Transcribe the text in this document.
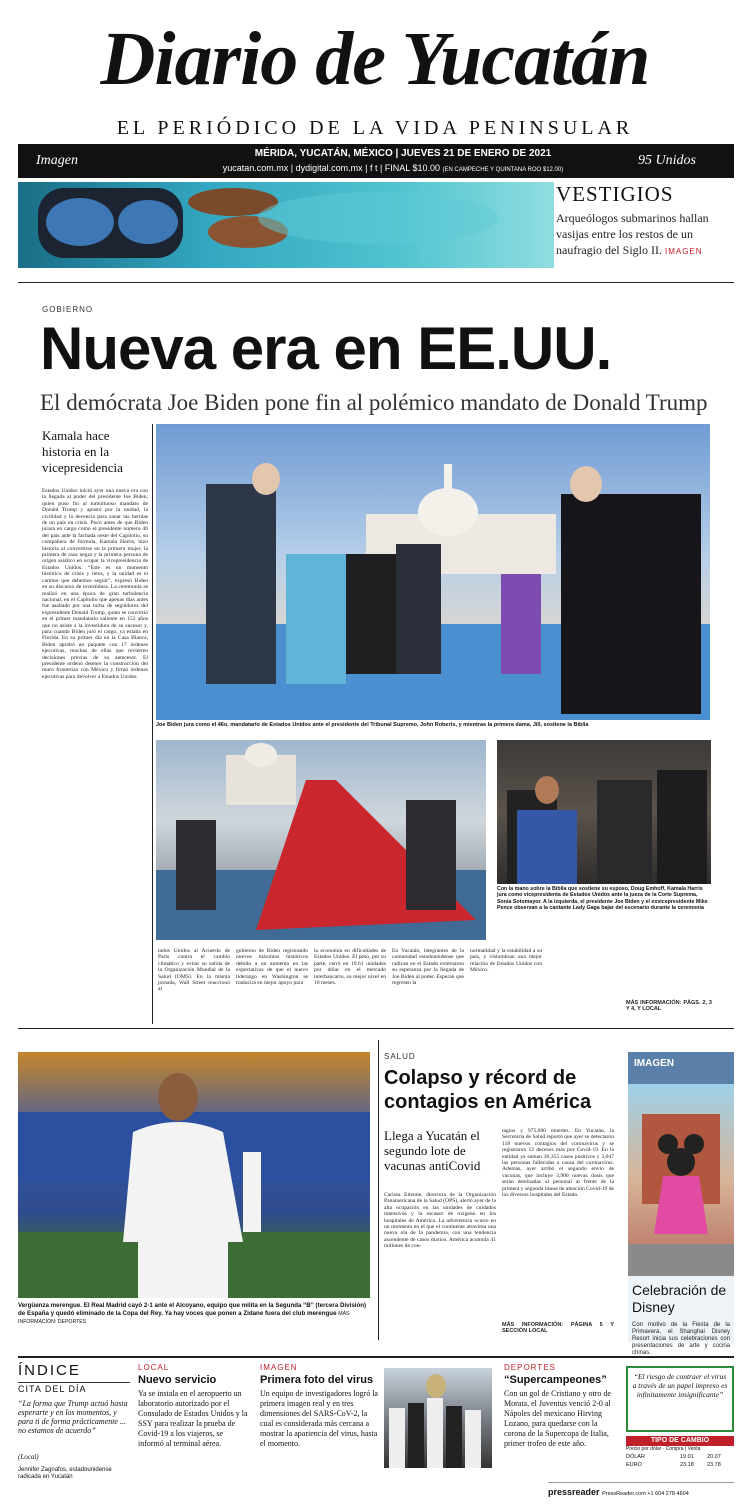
Diario de Yucatán
EL PERIÓDICO DE LA VIDA PENINSULAR
Imagen	MÉRIDA, YUCATÁN, MÉXICO | JUEVES 21 DE ENERO DE 2021
yucatan.com.mx | dydigital.com.mx | f t | FINAL $10.00 (EN CAMPECHE Y QUINTANA ROO $12.00)
95 Unidos
VESTIGIOS
Arqueólogos submarinos hallan vasijas entre los restos de un naufragio del Siglo II. IMAGEN
GOBIERNO
Nueva era en EE.UU.
El demócrata Joe Biden pone fin al polémico mandato de Donald Trump
Kamala hace historia en la vicepresidencia
Estados Unidos inició ayer una nueva era con la llegada al poder del presidente Joe Biden, quien puso fin al tumultuoso mandato de Donald Trump y apostó por la unidad, la civilidad y la decencia para sanar las heridas de un país en crisis. Poco antes de que Biden jurara en cargo como el presidente número 46 del país ante la fachada oeste del Capitolio, su compañera de fórmula, Kamala Harris, hizo historia al convertirse en la primera mujer, la primera de raza negra y la primera persona de origen asiático en ocupar la vicepresidencia de Estados Unidos. “Este es un momento histórico de crisis y retos, y la unidad es el camino que debemos seguir”, expresó Biden en su discurso de investidura. La ceremonia se realizó en una época de gran turbulencia nacional, en el Capitolio que apenas días antes fue asaltado por una turba de seguidores del expresidente Donald Trump, quien se convirtió en el primer mandatario saliente en 152 años que no asiste a la investidura de su sucesor y, para cuando Biden juró el cargo, ya estaba en Florida. En su primer día en la Casa Blanca, Biden aprobó un paquete con 17 órdenes ejecutivas, muchas de ellas que revierten decisiones previas de su antecesor. El presidente ordenó detener la construcción del muro fronterizo con México y firmó órdenes ejecutivas para devolver a Estados Unidos
Joe Biden jura como el 46o. mandatario de Estados Unidos ante el presidente del Tribunal Supremo, John Roberts, y mientras la primera dama, Jill, sostiene la Biblia
Con la mano sobre la Biblia que sostiene su esposo, Doug Emhoff, Kamala Harris jura como vicepresidenta de Estados Unidos ante la jueza de la Corte Suprema, Sonia Sotomayor. A la izquierda, el presidente Joe Biden y el exvicepresidente Mike Pence observan a la cantante Lady Gaga bajar del escenario durante la ceremonia
tados Unidos al Acuerdo de París contra el cambio climático y evitar su salida de la Organización Mundial de la Salud (OMS). En la misma jornada, Wall Street reaccionó al
gobierno de Biden registrando nuevos máximos históricos debido a un aumento en las expectativas de que el nuevo liderazgo en Washington se traducirá en mejor apoyo para
la economía en dificultades de Estados Unidos. El peso, por su parte, cerró en 19.61 unidades por dólar en el mercado interbancario, su mejor nivel en 10 meses.
En Yucatán, integrantes de la comunidad estadounidense que radican en el Estado externaron su esperanza por la llegada de Joe Biden al poder. Esperan que regresen la
normalidad y la estabilidad a su país, y vislumbran una mejor relación de Estados Unidos con México.
MÁS INFORMACIÓN: PÁGS. 2, 3 Y 4, Y LOCAL
Vergüenza merengue. El Real Madrid cayó 2-1 ante el Alcoyano, equipo que milita en la Segunda “B” (tercera División) de España y quedó eliminado de la Copa del Rey. Ya hay voces que ponen a Zidane fuera del club merengue MÁS INFORMACIÓN: DEPORTES
SALUD
Colapso y récord de contagios en América
Llega a Yucatán el segundo lote de vacunas antiCovid
Carissa Etienne, directora de la Organización Panamericana de la Salud (OPS), alertó ayer de la alta ocupación en las unidades de cuidados intensivos y la escasez de oxígeno en los hospitales de América. La advertencia ocurre en un momento en el que el continente atraviesa una nueva ola de la pandemia, con una tendencia ascendente de casos diarios. América acumula 41 millones de con-
tagios y 975,000 muertes. En Yucatán, la Secretaría de Salud reportó que ayer se detectaron 118 nuevos contagios del coronavirus y se registraron 12 decesos más por Covid-19. En la entidad ya suman 36,355 casos positivos y 3,047 las personas fallecidas a causa del coronavirus. Además, ayer arribó el segundo envío de vacunas, que incluye 3,900 nuevas dosis que serán destinadas al personal al frente de la primera y segunda líneas de atención Covid-19 de los diversos hospitales del Estado.
MÁS INFORMACIÓN: PÁGINA 5 Y SECCIÓN LOCAL
IMAGEN
Celebración de Disney
Con motivo de la Fiesta de la Primavera, el Shanghai Disney Resort inicia sus celebraciones con presentaciones de arte y cocina chinas.
ÍNDICE
CITA DEL DÍA
“La forma que Trump actuó hasta esperarte y en los momentos, y para ti de forma prácticamente ... no estamos de acuerdo”
(Local)
Jennifer Zagnafos, estadounidense radicada en Yucatán
LOCAL
Nuevo servicio
Ya se instala en el aeropuerto un laboratorio autorizado por el Consulado de Estados Unidos y la SSY para realizar la prueba de Covid-19 a los viajeros, se informó al terminal aérea.
IMAGEN
Primera foto del virus
Un equipo de investigadores logró la primera imagen real y en tres dimensiones del SARS-CoV-2, la cual es considerada más cercana a mostrar la apariencia del virus, hasta el momento.
DEPORTES
“Supercampeones”
Con un gol de Cristiano y otro de Morata, el Juventus venció 2-0 al Nápoles del mexicano Hirving Lozano, para quedarse con la corona de la Supercopa de Italia, primer trofeo de este año.
“El riesgo de contraer el virus a través de un papel impreso es infinitamente insignificante”
TIPO DE CAMBIO
Precio por dólar · Compra | Venta
DÓLAR	19.01	20.07
EURO	23.18	23.78
pressreader PressReader.com +1 604 278 4604
